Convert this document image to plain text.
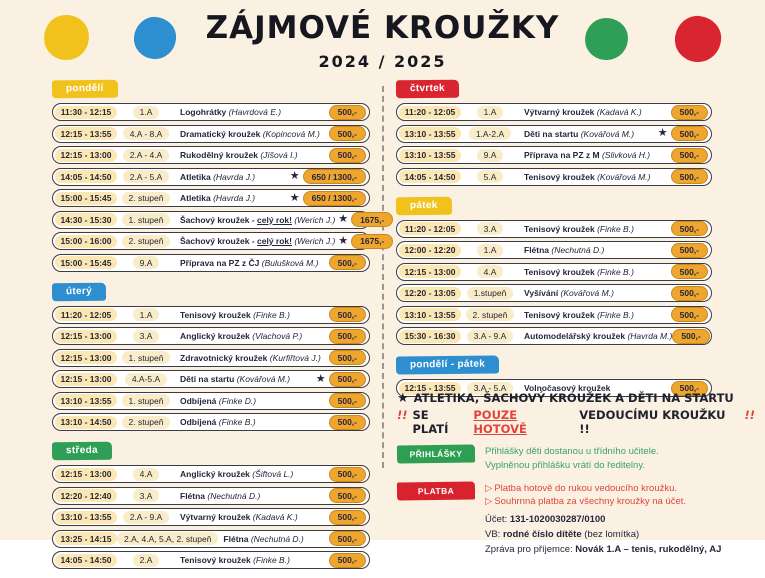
ZÁJMOVÉ KROUŽKY
2024 / 2025
pondělí
11:30 - 12:15	1.A	Logohrátky (Havrdová E.)	500,-
12:15 - 13:55	4.A - 8.A	Dramatický kroužek (Kopincová M.)	500,-
12:15 - 13:00	2.A - 4.A	Rukodělný kroužek (Jíšová I.)	500,-
14:05 - 14:50	2.A - 5.A	Atletika (Havrda J.)	★	650 / 1300,-
15:00 - 15:45	2. stupeň	Atletika (Havrda J.)	★	650 / 1300,-
14:30 - 15:30	1. stupeň	Šachový kroužek - celý rok! (Werich J.) ★	1675,-
15:00 - 16:00	2. stupeň	Šachový kroužek - celý rok! (Werich J.) ★	1675,-
15:00 - 15:45	9.A	Příprava na PZ z ČJ (Bulušková M.)	500,-
úterý
11:20 - 12:05	1.A	Tenisový kroužek (Finke B.)	500,-
12:15 - 13:00	3.A	Anglický kroužek (Vlachová P.)	500,-
12:15 - 13:00	1. stupeň	Zdravotnický kroužek (Kurfiřtová J.)	500,-
12:15 - 13:00	4.A-5.A	Děti na startu (Kovářová M.)	★	500,-
13:10 - 13:55	1. stupeň	Odbíjená (Finke D.)	500,-
13:10 - 14:50	2. stupeň	Odbíjená (Finke B.)	500,-
středa
12:15 - 13:00	4.A	Anglický kroužek (Šiftová L.)	500,-
12:20 - 12:40	3.A	Flétna (Nechutná D.)	500,-
13:10 - 13:55	2.A - 9.A	Výtvarný kroužek (Kadavá K.)	500,-
13:25 - 14:15	2.A, 4.A, 5.A, 2. stupeň	Flétna (Nechutná D.)	500,-
14:05 - 14:50	2.A	Tenisový kroužek (Finke B.)	500,-
čtvrtek
11:20 - 12:05	1.A	Výtvarný kroužek (Kadavá K.)	500,-
13:10 - 13:55	1.A-2.A	Děti na startu (Kovářová M.)	★	500,-
13:10 - 13:55	9.A	Příprava na PZ z M (Slivková H.)	500,-
14:05 - 14:50	5.A	Tenisový kroužek (Kovářová M.)	500,-
pátek
11:20 - 12:05	3.A	Tenisový kroužek (Finke B.)	500,-
12:00 - 12:20	1.A	Flétna (Nechutná D.)	500,-
12:15 - 13:00	4.A	Tenisový kroužek (Finke B.)	500,-
12:20 - 13:05	1.stupeň	Vyšívání (Kovářová M.)	500,-
13:10 - 13:55	2. stupeň	Tenisový kroužek (Finke B.)	500,-
15:30 - 16:30	3.A - 9.A	Automodelářský kroužek (Havrda M.)	500,-
pondělí - pátek
12:15 - 13:55	3.A - 5.A	Volnočasový kroužek	500,-
★ ATLETIKA, ŠACHOVÝ KROUŽEK A DĚTI NA STARTU
!! SE PLATÍ
POUZE HOTOVĚ
VEDOUCÍMU KROUŽKU !!
!!
PŘIHLÁŠKY	Přihlášky děti dostanou u třídního učitele.
Vyplněnou přihlášku vrátí do ředitelny.
PLATBA	▷ Platba hotově do rukou vedoucího kroužku.
▷ Souhrnná platba za všechny kroužky na účet.
Účet: 131-1020030287/0100
VB: rodné číslo dítěte (bez lomítka)
Zpráva pro příjemce: Novák 1.A – tenis, rukodělný, AJ
